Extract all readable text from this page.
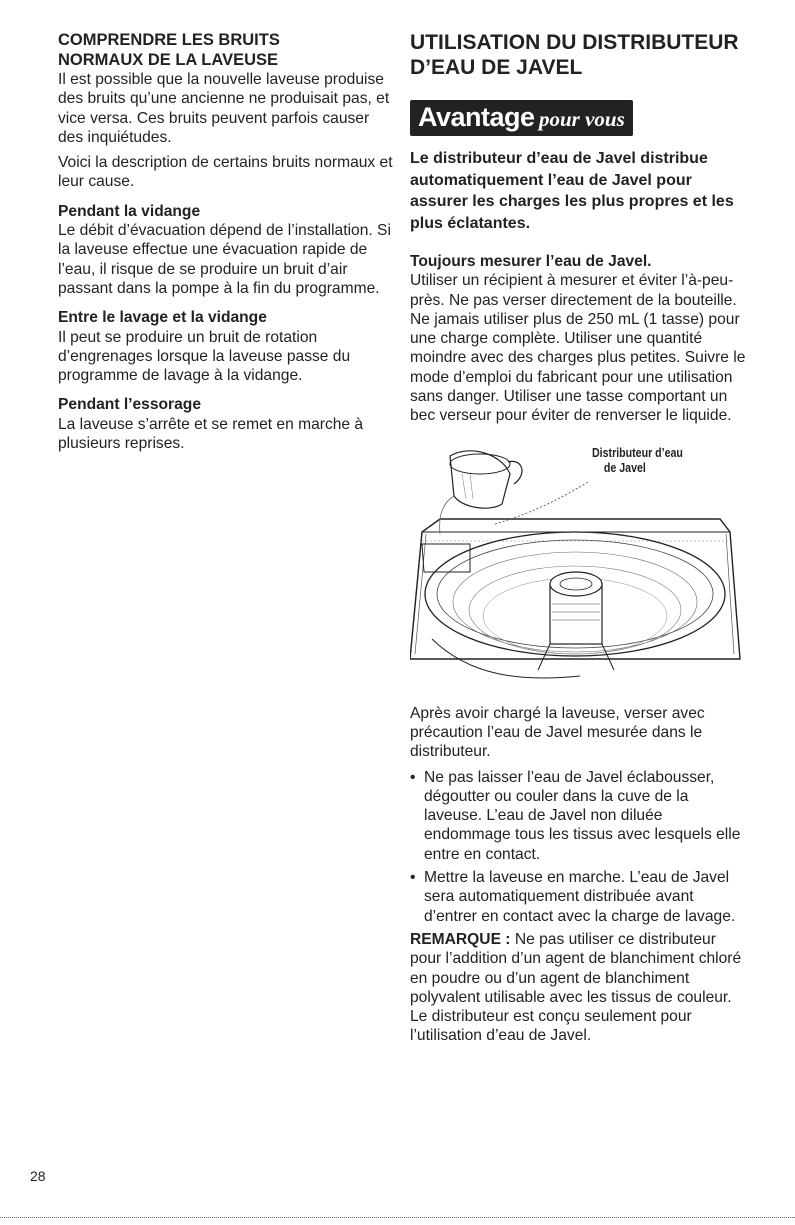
COMPRENDRE LES BRUITS
NORMAUX DE LA LAVEUSE

Il est possible que la nouvelle laveuse produise des bruits qu’une ancienne ne produisait pas, et vice versa. Ces bruits peuvent parfois causer des inquiétudes.

Voici la description de certains bruits normaux et leur cause.

Pendant la vidange

Le débit d’évacuation dépend de l’installation. Si la laveuse effectue une évacuation rapide de l’eau, il risque de se produire un bruit d’air passant dans la pompe à la fin du programme.

Entre le lavage et la vidange

Il peut se produire un bruit de rotation d’engrenages lorsque la laveuse passe du programme de lavage à la vidange.

Pendant l’essorage

La laveuse s’arrête et se remet en marche à plusieurs reprises.

UTILISATION DU DISTRIBUTEUR
D’EAU DE JAVEL
Avantage pour vous
Le distributeur d’eau de Javel distribue automatiquement l’eau de Javel pour assurer les charges les plus propres et les plus éclatantes.
Toujours mesurer l’eau de Javel.

Utiliser un récipient à mesurer et éviter l’à-peu-près. Ne pas verser directement de la bouteille. Ne jamais utiliser plus de 250 mL (1 tasse) pour une charge complète. Utiliser une quantité moindre avec des charges plus petites. Suivre le mode d’emploi du fabricant pour une utilisation sans danger. Utiliser une tasse comportant un bec verseur pour éviter de renverser le liquide.

Distributeur d’eau
de Javel

Après avoir chargé la laveuse, verser avec précaution l’eau de Javel mesurée dans le distributeur.

• Ne pas laisser l’eau de Javel éclabousser, dégoutter ou couler dans la cuve de la laveuse. L’eau de Javel non diluée endommage tous les tissus avec lesquels elle entre en contact.
• Mettre la laveuse en marche. L’eau de Javel sera automatiquement distribuée avant d’entrer en contact avec la charge de lavage.

REMARQUE : Ne pas utiliser ce distributeur pour l’addition d’un agent de blanchiment chloré en poudre ou d’un agent de blanchiment polyvalent utilisable avec les tissus de couleur. Le distributeur est conçu seulement pour l’utilisation d’eau de Javel.

28
